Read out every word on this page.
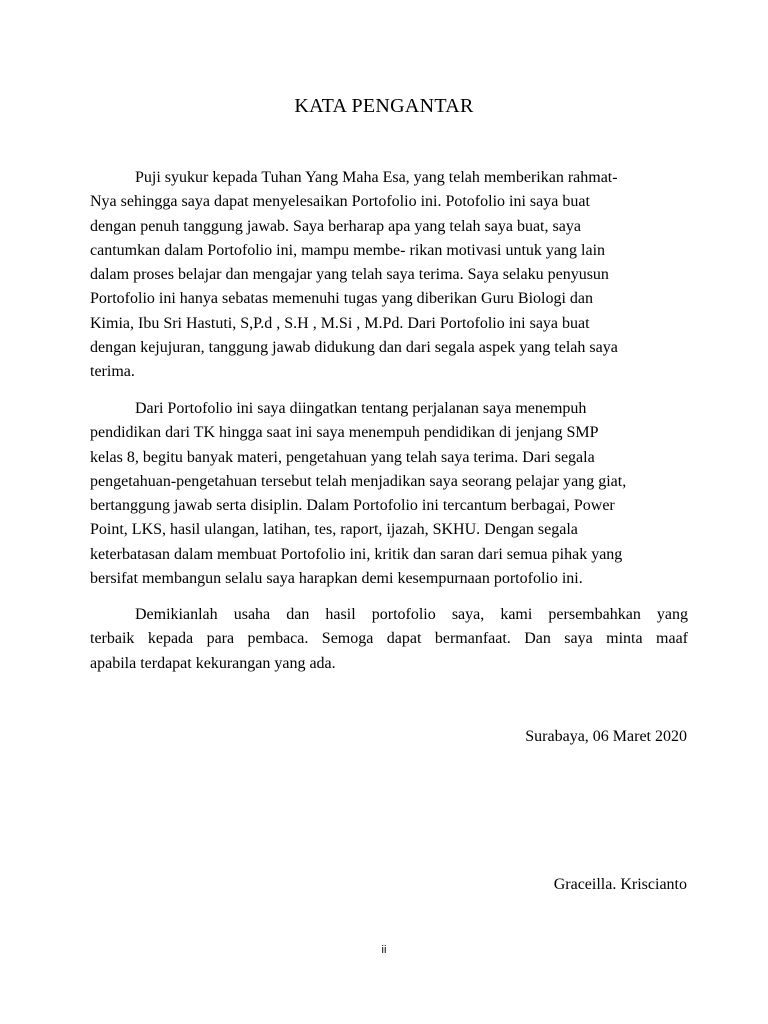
KATA PENGANTAR
Puji syukur kepada Tuhan Yang Maha Esa, yang telah memberikan rahmat-
Nya sehingga saya dapat menyelesaikan Portofolio ini. Potofolio ini saya buat
dengan penuh tanggung jawab. Saya berharap apa yang telah saya buat, saya
cantumkan dalam Portofolio ini, mampu membe- rikan motivasi untuk yang lain
dalam proses belajar dan mengajar yang telah saya terima. Saya selaku penyusun
Portofolio ini hanya sebatas memenuhi tugas yang diberikan Guru Biologi dan
Kimia, Ibu Sri Hastuti, S,P.d , S.H , M.Si , M.Pd. Dari Portofolio ini saya buat
dengan kejujuran, tanggung jawab didukung dan dari segala aspek yang telah saya
terima.
Dari Portofolio ini saya diingatkan tentang perjalanan saya menempuh
pendidikan dari TK hingga saat ini saya menempuh pendidikan di jenjang SMP
kelas 8, begitu banyak materi, pengetahuan yang telah saya terima. Dari segala
pengetahuan-pengetahuan tersebut telah menjadikan saya seorang pelajar yang giat,
bertanggung jawab serta disiplin. Dalam Portofolio ini tercantum berbagai, Power
Point, LKS, hasil ulangan, latihan, tes, raport, ijazah, SKHU. Dengan segala
keterbatasan dalam membuat Portofolio ini, kritik dan saran dari semua pihak yang
bersifat membangun selalu saya harapkan demi kesempurnaan portofolio ini.
Demikianlah usaha dan hasil portofolio saya, kami persembahkan yang
terbaik kepada para pembaca. Semoga dapat bermanfaat. Dan saya minta maaf
apabila terdapat kekurangan yang ada.

Surabaya, 06 Maret 2020

Graceilla. Kriscianto

ii
